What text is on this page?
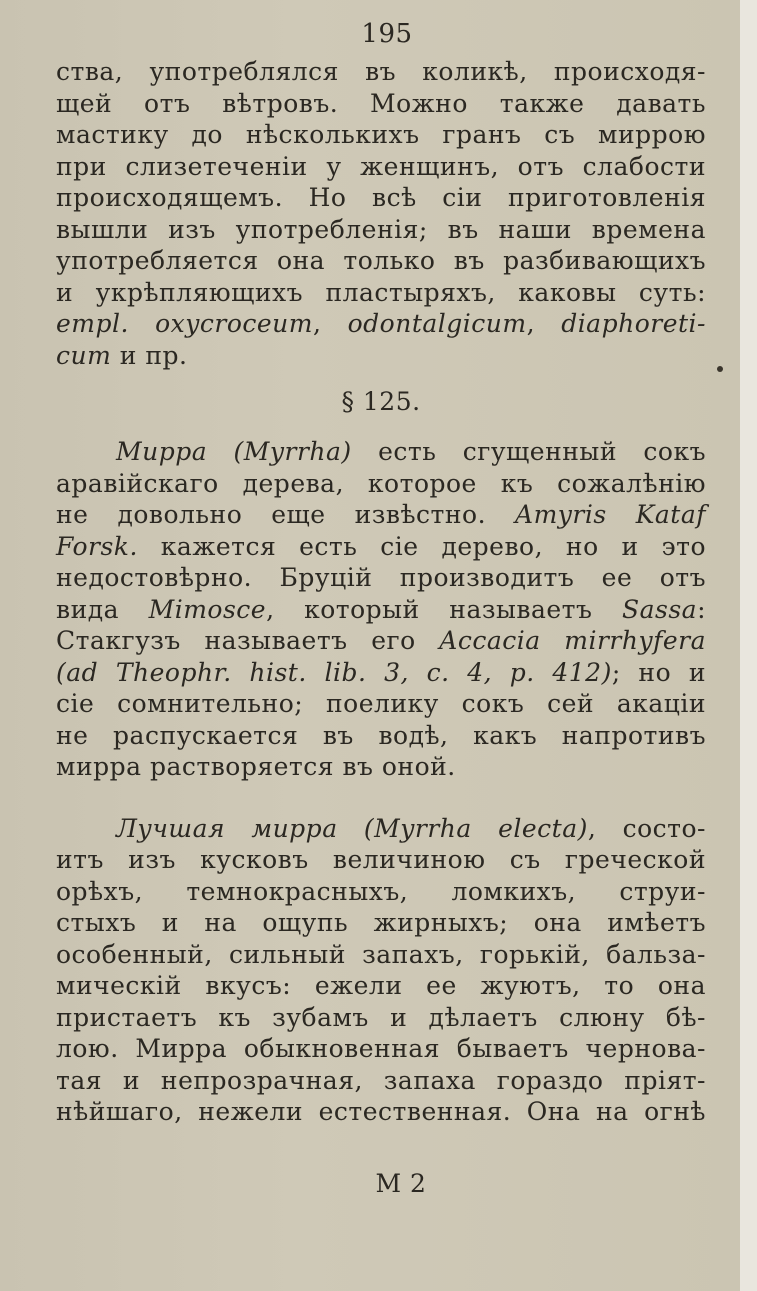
195
ства, употреблялся въ коликѣ, происходя-
щей отъ вѣтровъ. Можно также давать
мастику до нѣсколькихъ гранъ съ миррою
при слизетеченіи у женщинъ, отъ слабости
происходящемъ. Но всѣ сіи приготовленія
вышли изъ употребленія; въ наши времена
употребляется она только въ разбивающихъ
и укрѣпляющихъ пластыряхъ, каковы суть:
empl. oxycroceum, odontalgicum, diaphoreti-
cum и пр.
§ 125.
Мирра (Myrrha) есть сгущенный сокъ
аравійскаго дерева, которое къ сожалѣнію
не довольно еще извѣстно. Amyris Kataf
Forsk. кажется есть сіе дерево, но и это
недостовѣрно. Бруцій производитъ ее отъ
вида Mimosce, который называетъ Sassa:
Стакгузъ называетъ его Accacia mirrhyfera
(ad Theophr. hist. lib. 3, c. 4, p. 412); но и
сіе сомнительно; поелику сокъ сей акаціи
не распускается въ водѣ, какъ напротивъ
мирра растворяется въ оной.
Лучшая мирра (Myrrha electa), состо-
итъ изъ кусковъ величиною съ греческой
орѣхъ, темнокрасныхъ, ломкихъ, струи-
стыхъ и на ощупь жирныхъ; она имѣетъ
особенный, сильный запахъ, горькій, бальза-
мическій вкусъ: ежели ее жуютъ, то она
пристаетъ къ зубамъ и дѣлаетъ слюну бѣ-
лою. Мирра обыкновенная бываетъ чернова-
тая и непрозрачная, запаха гораздо пріят-
нѣйшаго, нежели естественная. Она на огнѣ
M 2
